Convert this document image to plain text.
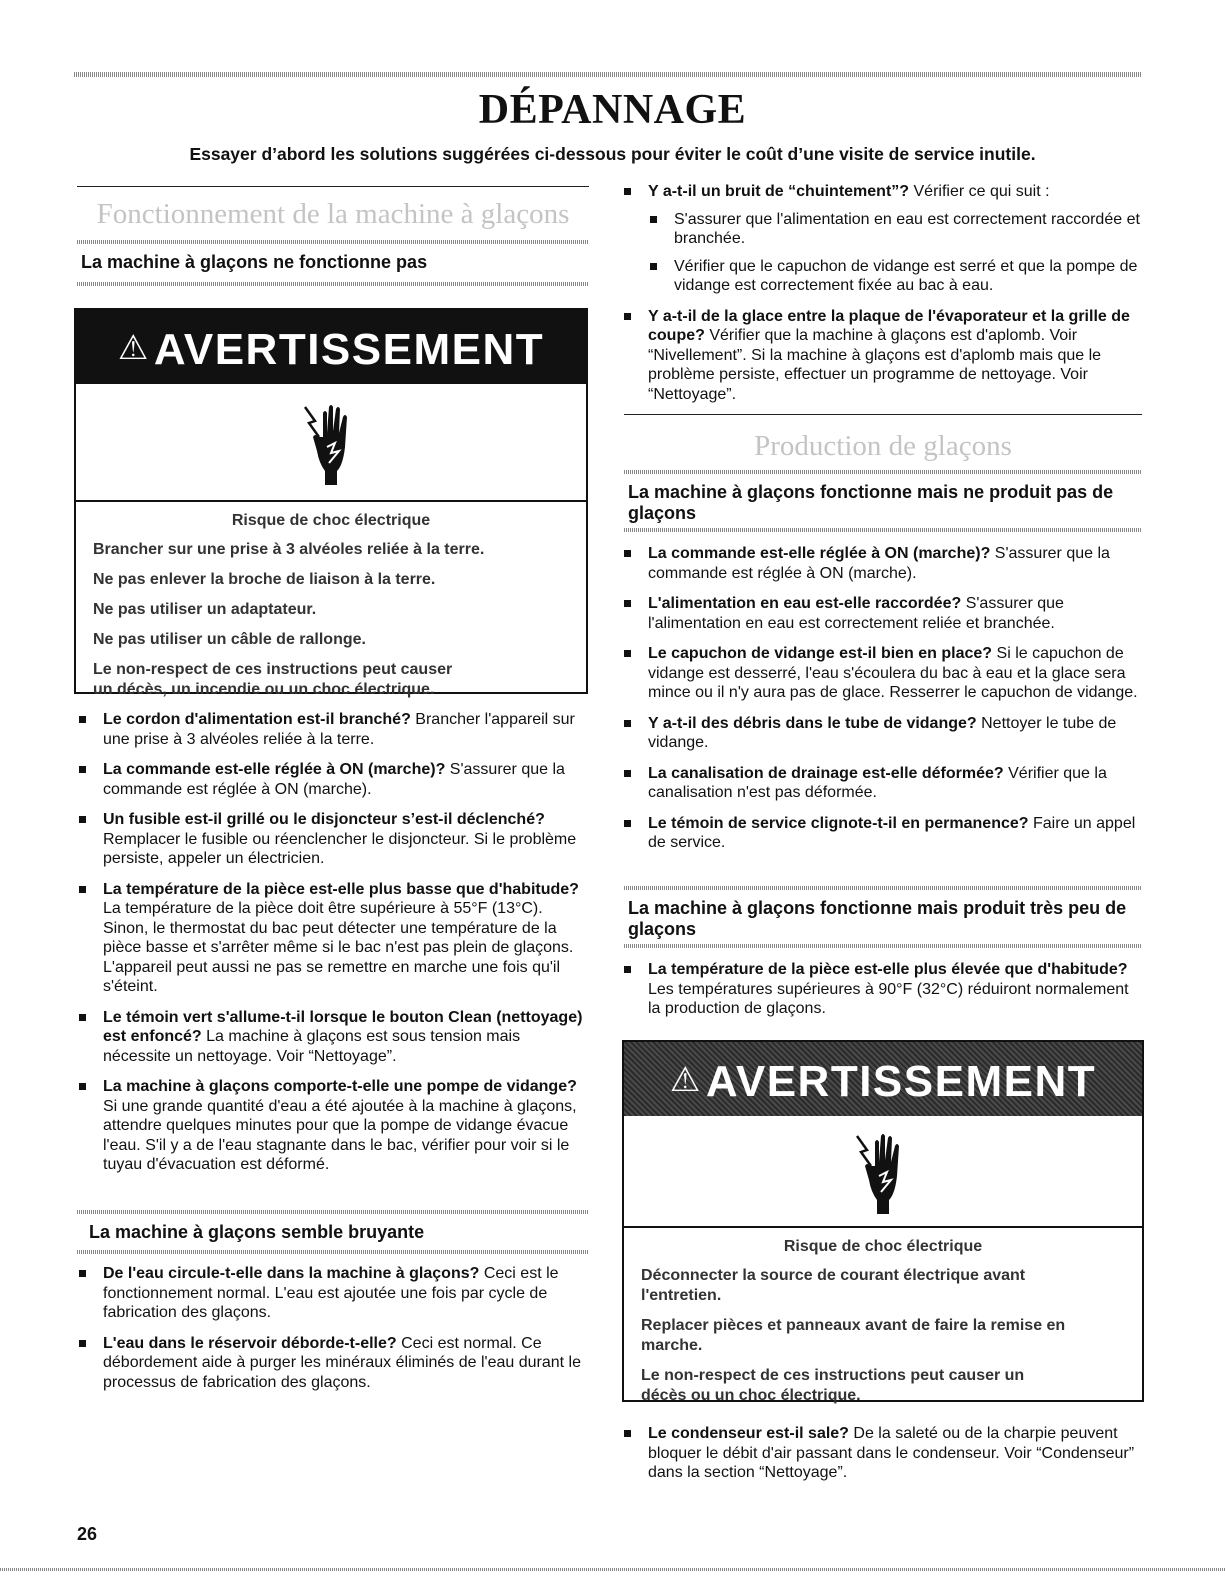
DÉPANNAGE
Essayer d’abord les solutions suggérées ci-dessous pour éviter le coût d’une visite de service inutile.
Fonctionnement de la machine à glaçons
La machine à glaçons ne fonctionne pas
⚠AVERTISSEMENT
Risque de choc électrique

Brancher sur une prise à 3 alvéoles reliée à la terre.

Ne pas enlever la broche de liaison à la terre.

Ne pas utiliser un adaptateur.

Ne pas utiliser un câble de rallonge.

Le non-respect de ces instructions peut causer un décès, un incendie ou un choc électrique.

Le cordon d'alimentation est-il branché? Brancher l'appareil sur une prise à 3 alvéoles reliée à la terre.
La commande est-elle réglée à ON (marche)? S'assurer que la commande est réglée à ON (marche).
Un fusible est-il grillé ou le disjoncteur s’est-il déclenché? Remplacer le fusible ou réenclencher le disjoncteur. Si le problème persiste, appeler un électricien.
La température de la pièce est-elle plus basse que d'habitude? La température de la pièce doit être supérieure à 55°F (13°C). Sinon, le thermostat du bac peut détecter une température de la pièce basse et s'arrêter même si le bac n'est pas plein de glaçons. L'appareil peut aussi ne pas se remettre en marche une fois qu'il s'éteint.
Le témoin vert s'allume-t-il lorsque le bouton Clean (nettoyage) est enfoncé? La machine à glaçons est sous tension mais nécessite un nettoyage. Voir “Nettoyage”.
La machine à glaçons comporte-t-elle une pompe de vidange? Si une grande quantité d'eau a été ajoutée à la machine à glaçons, attendre quelques minutes pour que la pompe de vidange évacue l'eau. S'il y a de l'eau stagnante dans le bac, vérifier pour voir si le tuyau d'évacuation est déformé.
La machine à glaçons semble bruyante
De l'eau circule-t-elle dans la machine à glaçons? Ceci est le fonctionnement normal. L'eau est ajoutée une fois par cycle de fabrication des glaçons.
L'eau dans le réservoir déborde-t-elle? Ceci est normal. Ce débordement aide à purger les minéraux éliminés de l'eau durant le processus de fabrication des glaçons.
Y a-t-il un bruit de “chuintement”? Vérifier ce qui suit :
S'assurer que l'alimentation en eau est correctement raccordée et branchée.
Vérifier que le capuchon de vidange est serré et que la pompe de vidange est correctement fixée au bac à eau.
Y a-t-il de la glace entre la plaque de l'évaporateur et la grille de coupe? Vérifier que la machine à glaçons est d'aplomb. Voir “Nivellement”. Si la machine à glaçons est d'aplomb mais que le problème persiste, effectuer un programme de nettoyage. Voir “Nettoyage”.
Production de glaçons
La machine à glaçons fonctionne mais ne produit pas de glaçons
La commande est-elle réglée à ON (marche)? S'assurer que la commande est réglée à ON (marche).
L'alimentation en eau est-elle raccordée? S'assurer que l'alimentation en eau est correctement reliée et branchée.
Le capuchon de vidange est-il bien en place? Si le capuchon de vidange est desserré, l'eau s'écoulera du bac à eau et la glace sera mince ou il n'y aura pas de glace. Resserrer le capuchon de vidange.
Y a-t-il des débris dans le tube de vidange? Nettoyer le tube de vidange.
La canalisation de drainage est-elle déformée? Vérifier que la canalisation n'est pas déformée.
Le témoin de service clignote-t-il en permanence? Faire un appel de service.
La machine à glaçons fonctionne mais produit très peu de glaçons
La température de la pièce est-elle plus élevée que d'habitude? Les températures supérieures à 90°F (32°C) réduiront normalement la production de glaçons.
⚠AVERTISSEMENT
Risque de choc électrique

Déconnecter la source de courant électrique avant l'entretien.

Replacer pièces et panneaux avant de faire la remise en marche.

Le non-respect de ces instructions peut causer un décès ou un choc électrique.

Le condenseur est-il sale? De la saleté ou de la charpie peuvent bloquer le débit d'air passant dans le condenseur. Voir “Condenseur” dans la section “Nettoyage”.
26
